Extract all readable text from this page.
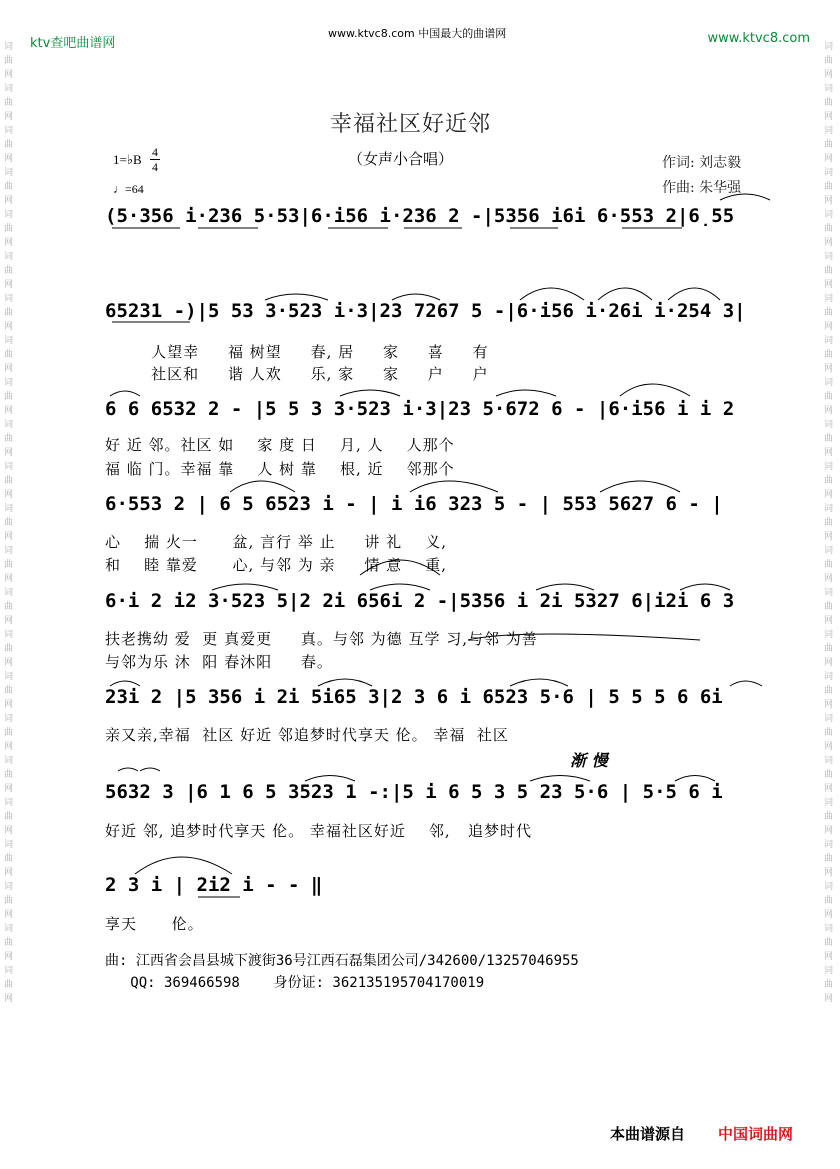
词曲网词曲网词曲网词曲网词曲网词曲网词曲网词曲网词曲网词曲网词曲网词曲网词曲网词曲网词曲网词曲网词曲网词曲网词曲网词曲网词曲网词曲网词曲网
词曲网词曲网词曲网词曲网词曲网词曲网词曲网词曲网词曲网词曲网词曲网词曲网词曲网词曲网词曲网词曲网词曲网词曲网词曲网词曲网词曲网词曲网词曲网
ktv查吧曲谱网
www.ktvc8.com 中国最大的曲谱网	www.ktvc8.com
幸福社区好近邻
（女声小合唱）	作词: 刘志毅
作曲: 朱华强
1=♭B 4
4
♩=64
(5·356 i·236 5·53|6·i56 i·236 2 -|5356 i6i 6·553 2|6̣55
65231 -)|5 53 3·523 i·3|23 7267 5 -|6·i56 i·26i i·254 3|
人望幸     福 树望     春, 居     家     喜     有
社区和     谐 人欢     乐, 家     家     户     户
6 6 6532 2 - |5 5 3 3·523 i·3|23 5·672 6 - |6·i56 i i 2
好 近 邻。社区 如    家 度 日    月, 人    人那个
福 临 门。幸福 靠    人 树 靠    根, 近    邻那个
6·553 2 | 6 5 6523 i - | i i6 323 5 - | 553 5627 6 - |
心    揣 火一      盆, 言行 举 止     讲 礼    义,
和    睦 靠爱      心, 与邻 为 亲     情 意    重,
6·i 2 i2 3·523 5|2 2i 656i 2 -|5356 i 2i 5327 6|i2i 6 3
扶老携幼 爱  更 真爱更     真。与邻 为德 互学 习,与邻 为善
与邻为乐 沐  阳 春沐阳     春。
23i 2 |5 356 i 2i 5i65 3|2 3 6 i 6523 5·6 | 5 5 5 6 6i
亲又亲,幸福  社区 好近 邻追梦时代享天 伦。 幸福  社区
渐 慢
5632 3 |6 1 6 5 3523 1 -:|5 i 6 5 3 5 23 5·6 | 5·5 6 i
好近 邻, 追梦时代享天 伦。 幸福社区好近    邻,   追梦时代
2 3 i | 2i2 i - - ‖
享天      伦。
曲: 江西省会昌县城下渡街36号江西石磊集团公司/342600/13257046955
QQ: 369466598    身份证: 362135195704170019
本曲谱源自 中国词曲网
